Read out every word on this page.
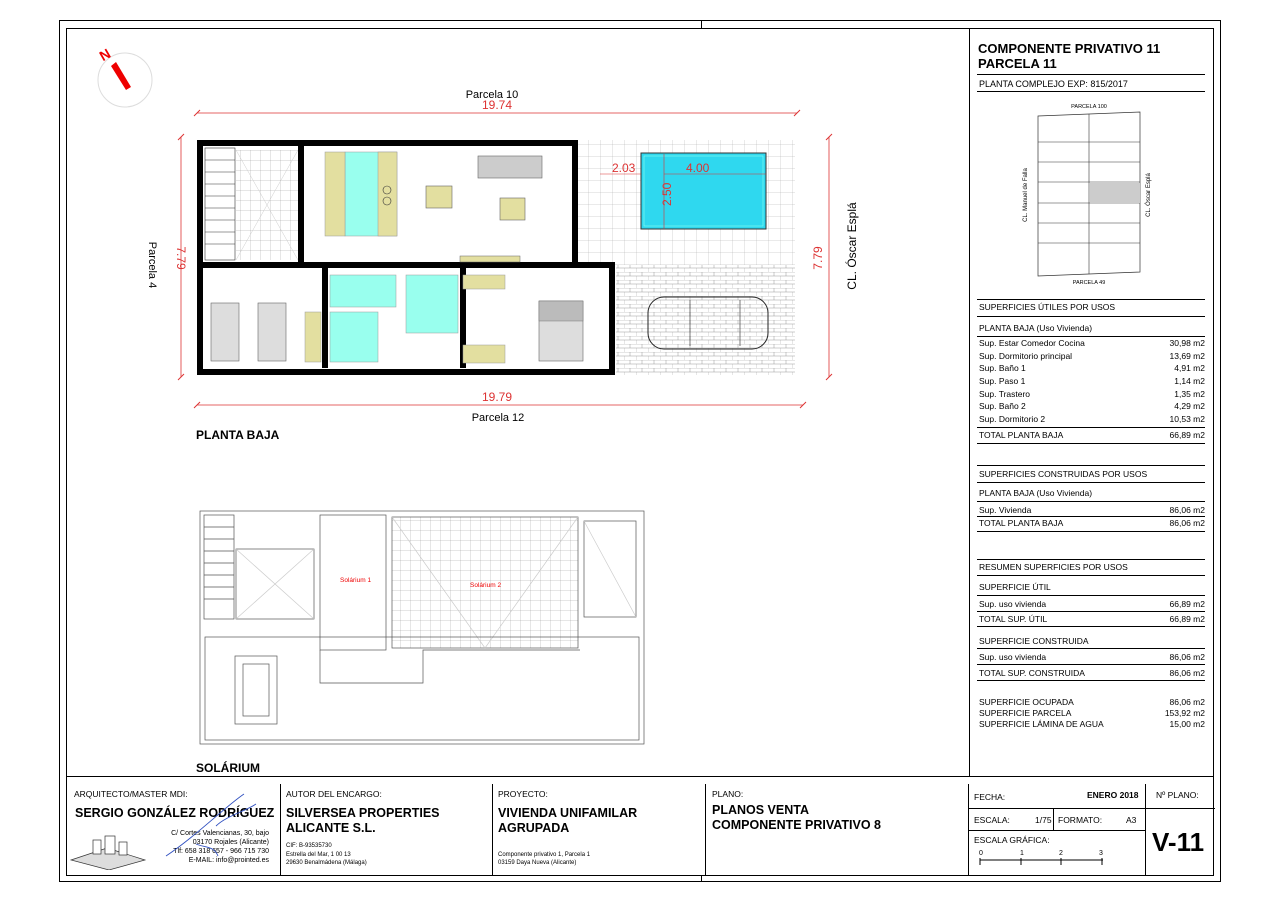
N
Parcela 10
19.74
19.79
Parcela 12
7.79
Parcela 4	7.79 CL. Óscar Esplá
2.03	4.00
2.50
PLANTA BAJA
Solárium 1
Solárium 2
SOLÁRIUM
COMPONENTE PRIVATIVO 11
PARCELA 11
PLANTA COMPLEJO EXP: 815/2017
PARCELA 100
CL. Manuel de Falla	CL. Óscar Esplá
PARCELA 49
SUPERFICIES ÚTILES POR USOS
PLANTA BAJA (Uso Vivienda)
Sup. Estar Comedor Cocina	30,98 m2
Sup. Dormitorio principal	13,69 m2
Sup. Baño 1	4,91 m2
Sup. Paso 1	1,14 m2
Sup. Trastero	1,35 m2
Sup. Baño 2	4,29 m2
Sup. Dormitorio 2	10,53 m2
TOTAL PLANTA BAJA	66,89 m2
SUPERFICIES CONSTRUIDAS POR USOS
PLANTA BAJA (Uso Vivienda)
Sup. Vivienda	86,06 m2
TOTAL PLANTA BAJA	86,06 m2
RESUMEN SUPERFICIES POR USOS
SUPERFICIE ÚTIL
Sup. uso vivienda	66,89 m2
TOTAL SUP. ÚTIL	66,89 m2
SUPERFICIE CONSTRUIDA
Sup. uso vivienda	86,06 m2
TOTAL SUP. CONSTRUIDA	86,06 m2
SUPERFICIE OCUPADA	86,06 m2
SUPERFICIE PARCELA	153,92 m2
SUPERFICIE LÁMINA DE AGUA	15,00 m2
ARQUITECTO/MASTER MDI:
SERGIO GONZÁLEZ RODRÍGUEZ
C/ Cortes Valencianas, 30, bajo
03170 Rojales (Alicante)
Tlf: 658 318 657 - 966 715 730
E-MAIL: info@prointed.es
AUTOR DEL ENCARGO:
SILVERSEA PROPERTIES
ALICANTE S.L.
CIF: B-93535730
Estrella del Mar, 1 00 13
29630 Benalmádena (Málaga)
PROYECTO:
VIVIENDA UNIFAMILAR
AGRUPADA
Componente privativo 1, Parcela 1
03159 Daya Nueva (Alicante)
PLANO:
PLANOS VENTA
COMPONENTE PRIVATIVO 8
FECHA:	ENERO 2018
ESCALA:	1/75 FORMATO:	A3
ESCALA GRÁFICA:
0	1	2	3
Nº PLANO:
V-11
